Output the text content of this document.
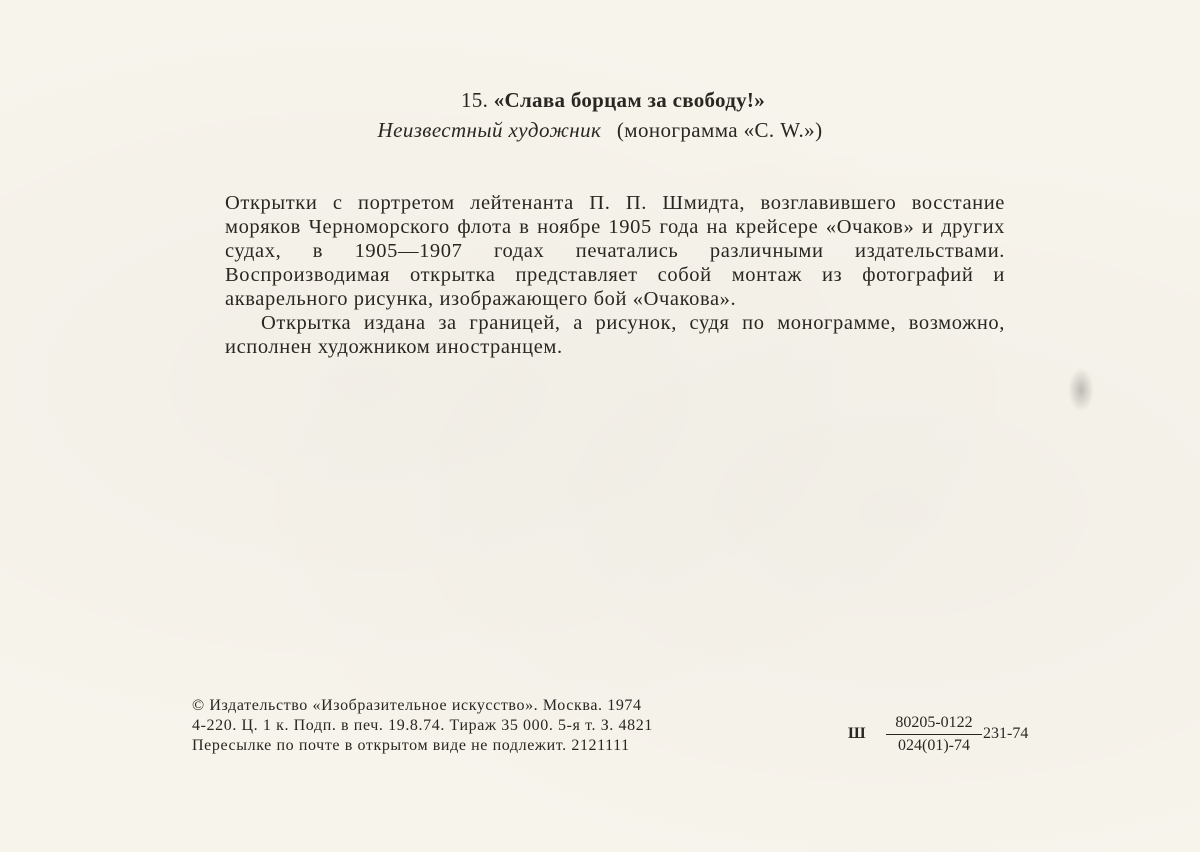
15. «Слава борцам за свободу!»
Неизвестный художник (монограмма «С. W.»)

Открытки с портретом лейтенанта П. П. Шмидта, возглавившего восстание моряков Черноморского флота в ноябре 1905 года на крейсере «Очаков» и других судах, в 1905—1907 годах печатались различными издательствами. Воспроизводимая открытка представляет собой монтаж из фотографий и акварельного рисунка, изображающего бой «Очакова».

Открытка издана за границей, а рисунок, судя по монограмме, возможно, исполнен художником иностранцем.

© Издательство «Изобразительное искусство». Москва. 1974
4-220. Ц. 1 к. Подп. в печ. 19.8.74. Тираж 35 000. 5-я т. З. 4821
Пересылке по почте в открытом виде не подлежит. 2121111
Ш
80205-0122
024(01)-74
231-74
